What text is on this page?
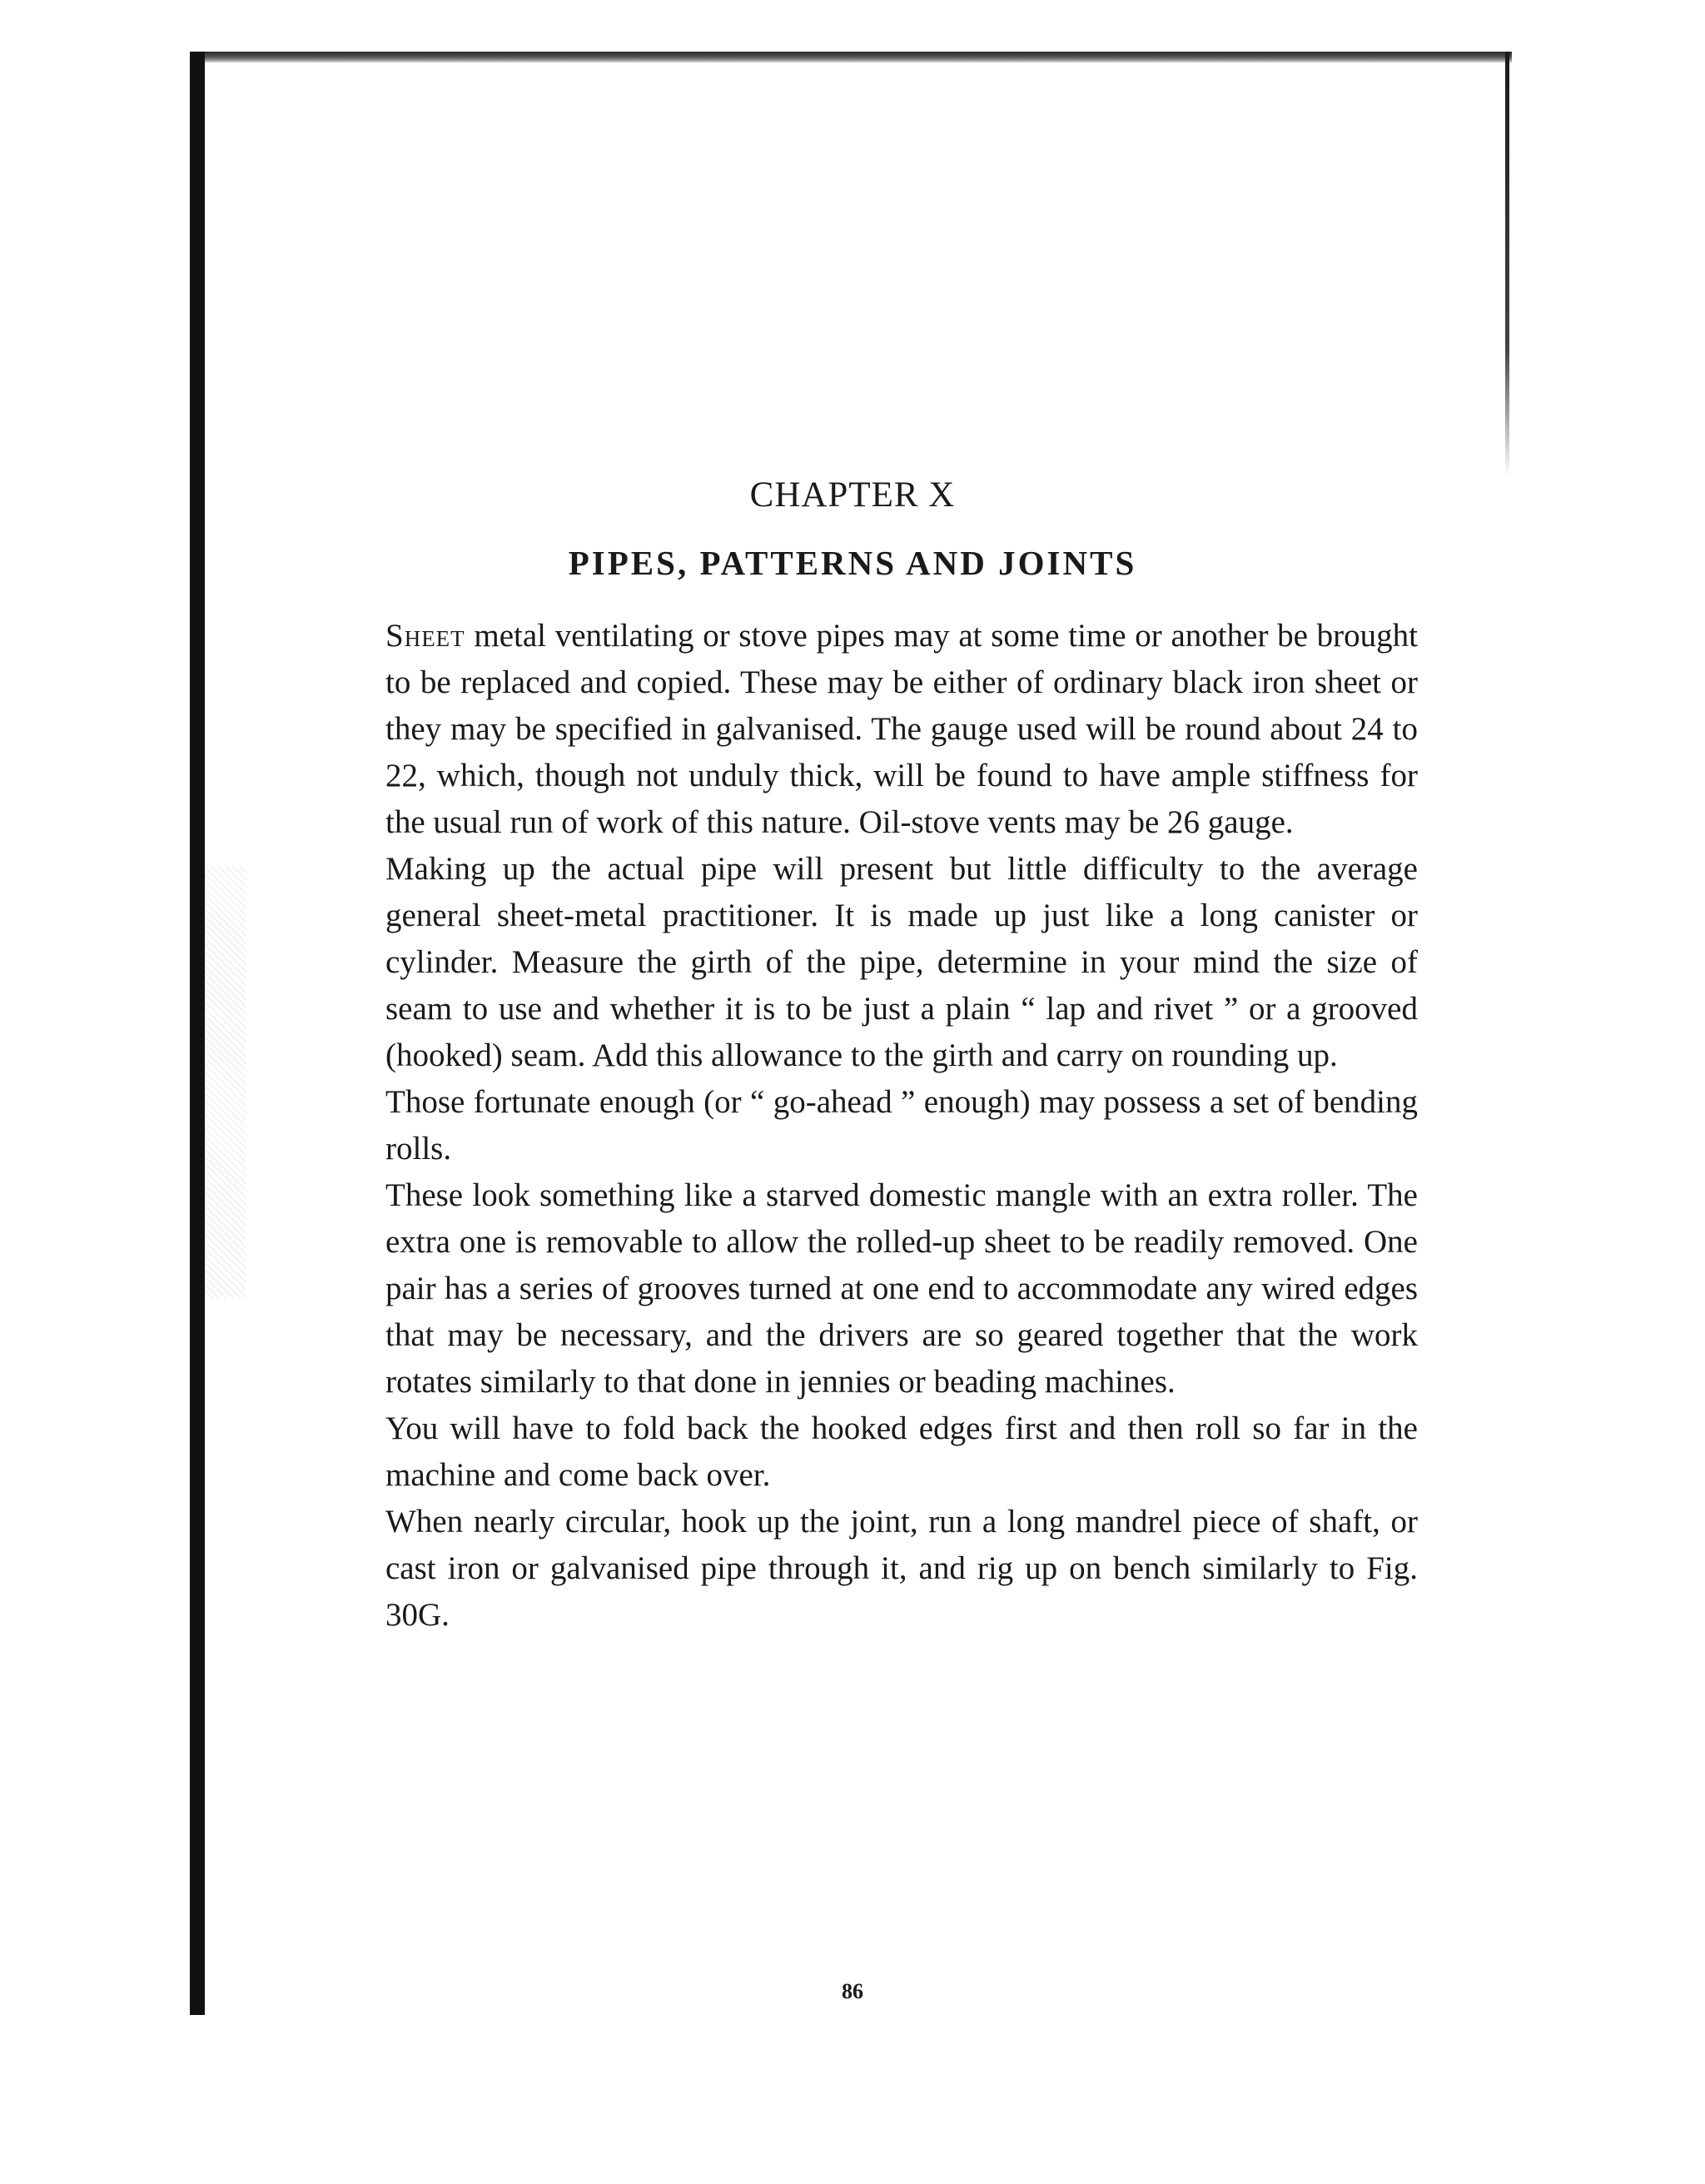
CHAPTER X
PIPES, PATTERNS AND JOINTS

Sheet metal ventilating or stove pipes may at some time or another be brought to be replaced and copied. These may be either of ordinary black iron sheet or they may be specified in galvanised. The gauge used will be round about 24 to 22, which, though not unduly thick, will be found to have ample stiffness for the usual run of work of this nature. Oil-stove vents may be 26 gauge.

Making up the actual pipe will present but little difficulty to the average general sheet-metal practitioner. It is made up just like a long canister or cylinder. Measure the girth of the pipe, determine in your mind the size of seam to use and whether it is to be just a plain “ lap and rivet ” or a grooved (hooked) seam. Add this allowance to the girth and carry on rounding up.

Those fortunate enough (or “ go-ahead ” enough) may possess a set of bending rolls.

These look something like a starved domestic mangle with an extra roller. The extra one is removable to allow the rolled-up sheet to be readily removed. One pair has a series of grooves turned at one end to accommodate any wired edges that may be necessary, and the drivers are so geared together that the work rotates similarly to that done in jennies or beading machines.

You will have to fold back the hooked edges first and then roll so far in the machine and come back over.

When nearly circular, hook up the joint, run a long mandrel piece of shaft, or cast iron or galvanised pipe through it, and rig up on bench similarly to Fig. 30G.

86
